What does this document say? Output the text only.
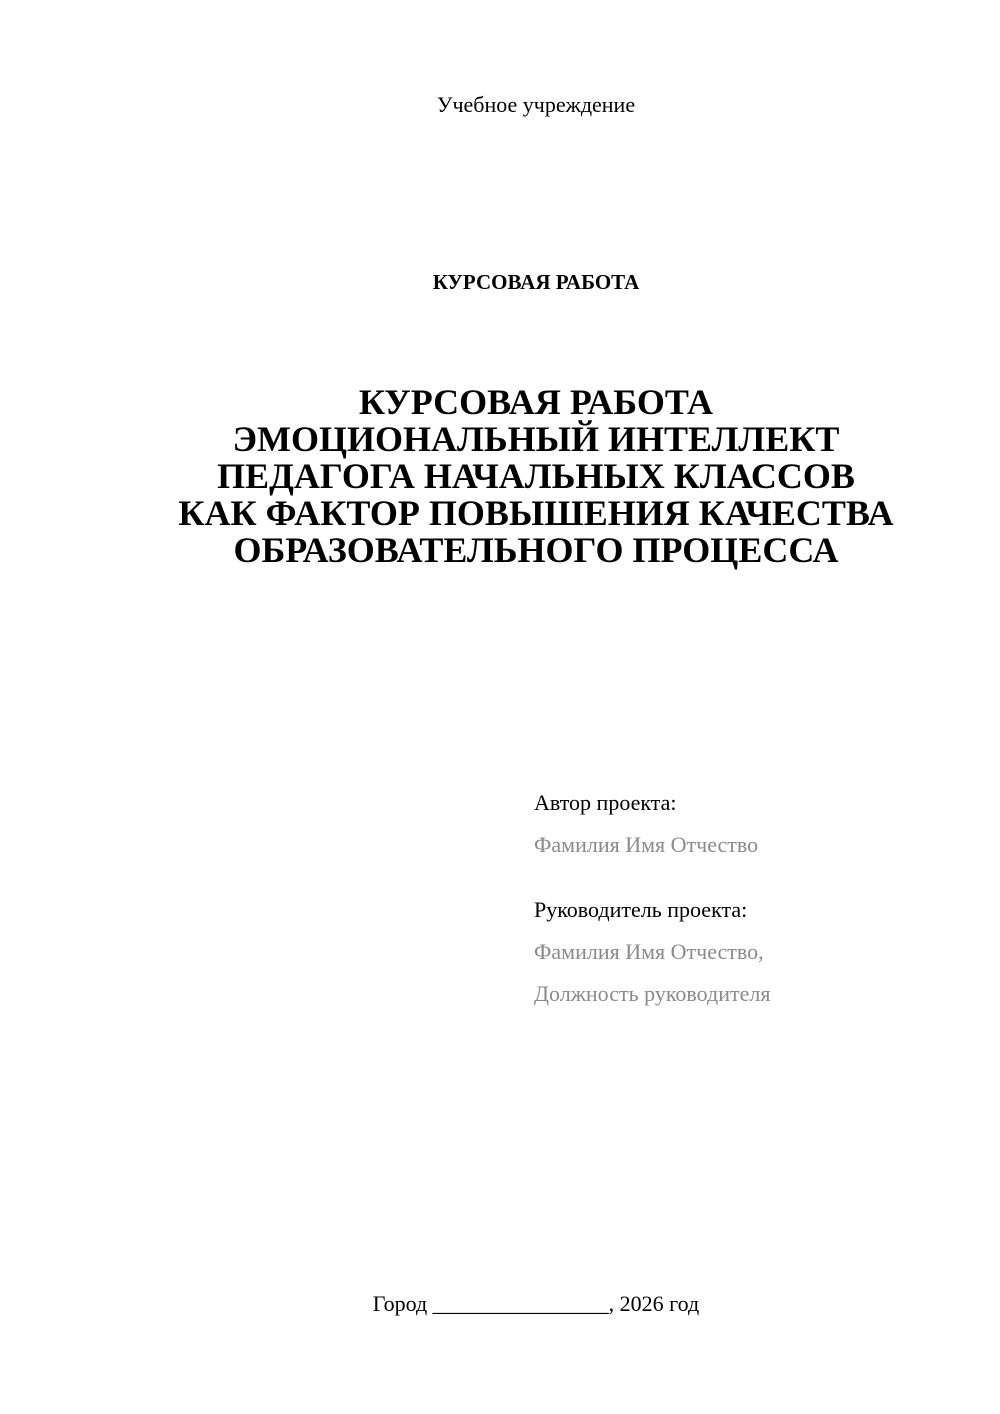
Учебное учреждение
КУРСОВАЯ РАБОТА
КУРСОВАЯ РАБОТА
ЭМОЦИОНАЛЬНЫЙ ИНТЕЛЛЕКТ
ПЕДАГОГА НАЧАЛЬНЫХ КЛАССОВ
КАК ФАКТОР ПОВЫШЕНИЯ КАЧЕСТВА
ОБРАЗОВАТЕЛЬНОГО ПРОЦЕССА
Автор проекта:
Фамилия Имя Отчество
Руководитель проекта:
Фамилия Имя Отчество,
Должность руководителя
Город ________________, 2026 год
